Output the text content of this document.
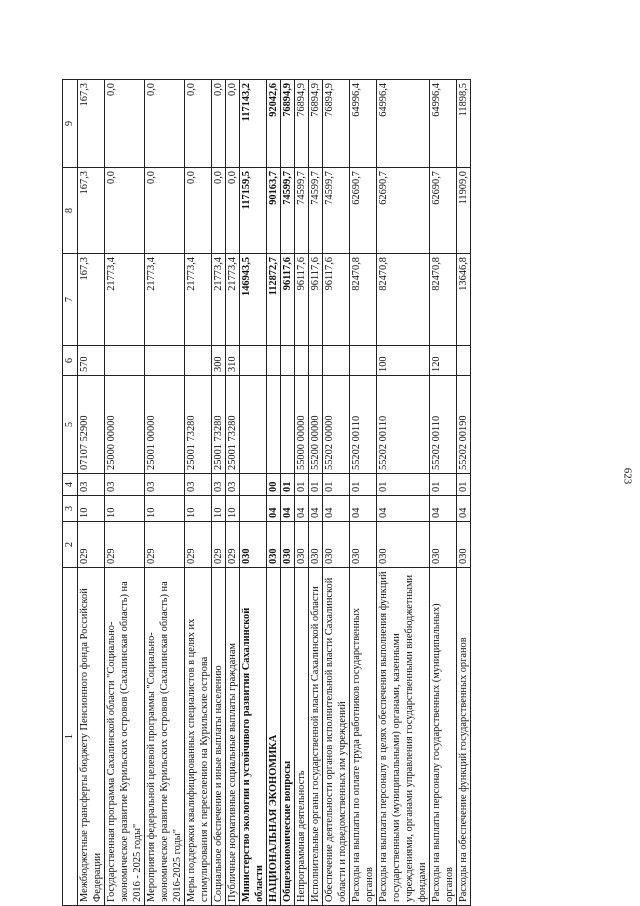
623
1	2	3	4	5	6	7	8	9
Межбюджетные трансферты бюджету Пенсионного фонда Российской Федерации	029	10	03	07107 52900	570	167,3	167,3	167,3
Государственная программа Сахалинской области "Социально-экономическое развитие Курильских островов (Сахалинская область) на 2016 - 2025 годы"	029	10	03	25000 00000		21773,4	0,0	0,0
Мероприятия федеральной целевой программы "Социально-экономическое развитие Курильских островов (Сахалинская область) на 2016-2025 годы"	029	10	03	25001 00000		21773,4	0,0	0,0
Меры поддержки квалифицированных специалистов в целях их стимулирования к переселению на Курильские острова	029	10	03	25001 73280		21773,4	0,0	0,0
Социальное обеспечение и иные выплаты населению	029	10	03	25001 73280	300	21773,4	0,0	0,0
Публичные нормативные социальные выплаты гражданам	029	10	03	25001 73280	310	21773,4	0,0	0,0
Министерство экологии и устойчивого развития Сахалинской области	030					146943,5	117159,5	117143,2
НАЦИОНАЛЬНАЯ ЭКОНОМИКА	030	04	00			112872,7	90163,7	92042,6
Общеэкономические вопросы	030	04	01			96117,6	74599,7	76894,9
Непрограммная деятельность	030	04	01	55000 00000		96117,6	74599,7	76894,9
Исполнительные органы государственной власти Сахалинской области	030	04	01	55200 00000		96117,6	74599,7	76894,9
Обеспечение деятельности органов исполнительной власти Сахалинской области и подведомственных им учреждений	030	04	01	55202 00000		96117,6	74599,7	76894,9
Расходы на выплаты по оплате труда работников государственных органов	030	04	01	55202 00110		82470,8	62690,7	64996,4
Расходы на выплаты персоналу в целях обеспечения выполнения функций государственными (муниципальными) органами, казенными учреждениями, органами управления государственными внебюджетными фондами	030	04	01	55202 00110	100	82470,8	62690,7	64996,4
Расходы на выплаты персоналу государственных (муниципальных) органов	030	04	01	55202 00110	120	82470,8	62690,7	64996,4
Расходы на обеспечение функций государственных органов	030	04	01	55202 00190		13646,8	11909,0	11898,5
